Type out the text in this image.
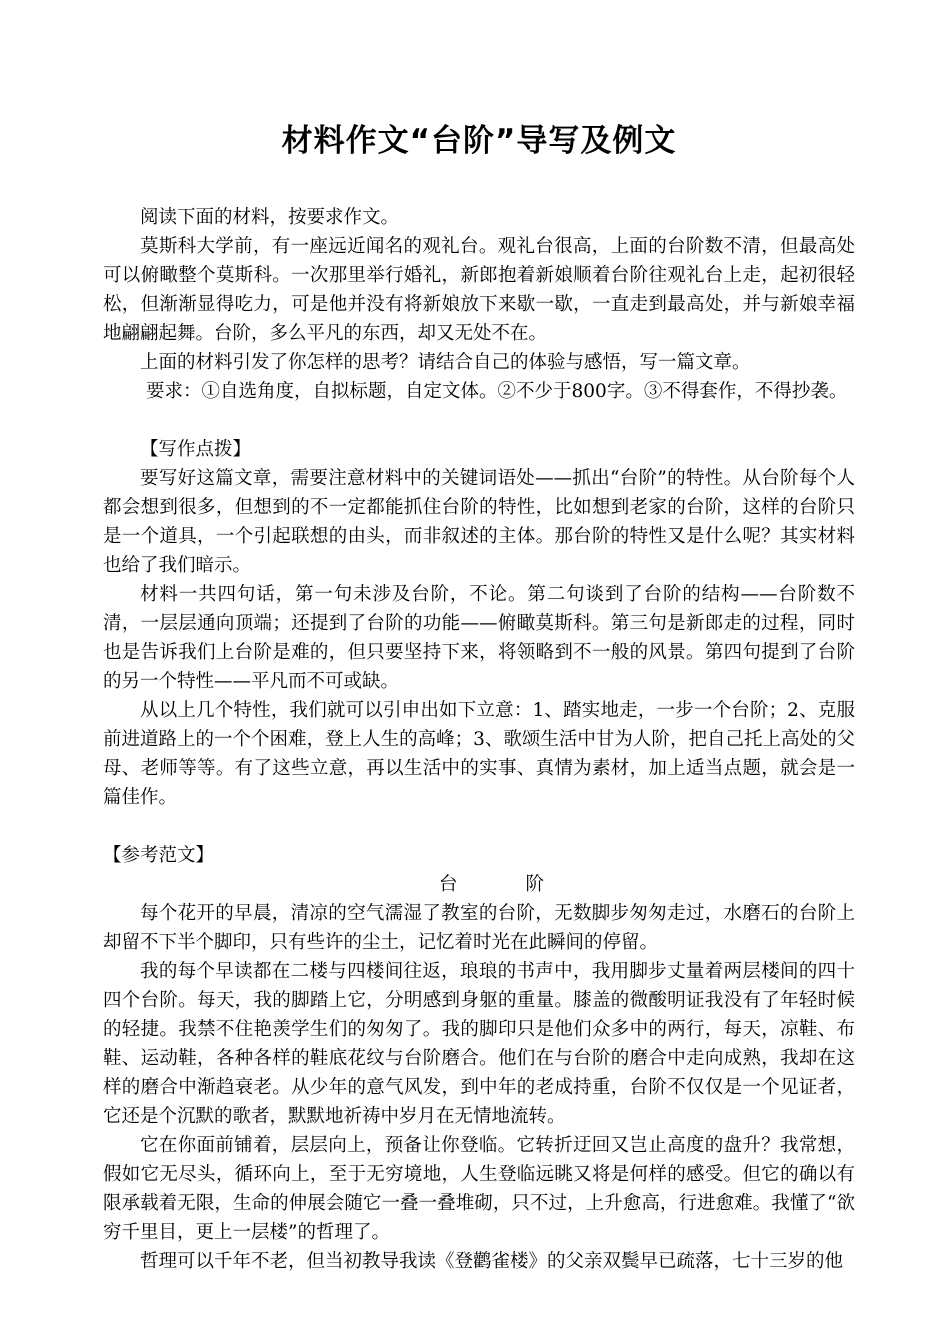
材料作文“台阶”导写及例文

阅读下面的材料，按要求作文。

莫斯科大学前，有一座远近闻名的观礼台。观礼台很高，上面的台阶数不清，但最高处可以俯瞰整个莫斯科。一次那里举行婚礼，新郎抱着新娘顺着台阶往观礼台上走，起初很轻松，但渐渐显得吃力，可是他并没有将新娘放下来歇一歇，一直走到最高处，并与新娘幸福地翩翩起舞。台阶，多么平凡的东西，却又无处不在。

上面的材料引发了你怎样的思考？请结合自己的体验与感悟，写一篇文章。

要求：①自选角度，自拟标题，自定文体。②不少于800字。③不得套作，不得抄袭。

【写作点拨】

要写好这篇文章，需要注意材料中的关键词语处——抓出“台阶”的特性。从台阶每个人都会想到很多，但想到的不一定都能抓住台阶的特性，比如想到老家的台阶，这样的台阶只是一个道具，一个引起联想的由头，而非叙述的主体。那台阶的特性又是什么呢？其实材料也给了我们暗示。

材料一共四句话，第一句未涉及台阶，不论。第二句谈到了台阶的结构——台阶数不清，一层层通向顶端；还提到了台阶的功能——俯瞰莫斯科。第三句是新郎走的过程，同时也是告诉我们上台阶是难的，但只要坚持下来，将领略到不一般的风景。第四句提到了台阶的另一个特性——平凡而不可或缺。

从以上几个特性，我们就可以引申出如下立意：1、踏实地走，一步一个台阶；2、克服前进道路上的一个个困难，登上人生的高峰；3、歌颂生活中甘为人阶，把自己托上高处的父母、老师等等。有了这些立意，再以生活中的实事、真情为素材，加上适当点题，就会是一篇佳作。

【参考范文】

台	阶

每个花开的早晨，清凉的空气濡湿了教室的台阶，无数脚步匆匆走过，水磨石的台阶上却留不下半个脚印，只有些许的尘土，记忆着时光在此瞬间的停留。

我的每个早读都在二楼与四楼间往返，琅琅的书声中，我用脚步丈量着两层楼间的四十四个台阶。每天，我的脚踏上它，分明感到身躯的重量。膝盖的微酸明证我没有了年轻时候的轻捷。我禁不住艳羡学生们的匆匆了。我的脚印只是他们众多中的两行，每天，凉鞋、布鞋、运动鞋，各种各样的鞋底花纹与台阶磨合。他们在与台阶的磨合中走向成熟，我却在这样的磨合中渐趋衰老。从少年的意气风发，到中年的老成持重，台阶不仅仅是一个见证者，它还是个沉默的歌者，默默地祈祷中岁月在无情地流转。

它在你面前铺着，层层向上，预备让你登临。它转折迂回又岂止高度的盘升？我常想，假如它无尽头，循环向上，至于无穷境地，人生登临远眺又将是何样的感受。但它的确以有限承载着无限，生命的伸展会随它一叠一叠堆砌，只不过，上升愈高，行进愈难。我懂了“欲穷千里目，更上一层楼”的哲理了。

哲理可以千年不老，但当初教导我读《登鹳雀楼》的父亲双鬓早已疏落，七十三岁的他
